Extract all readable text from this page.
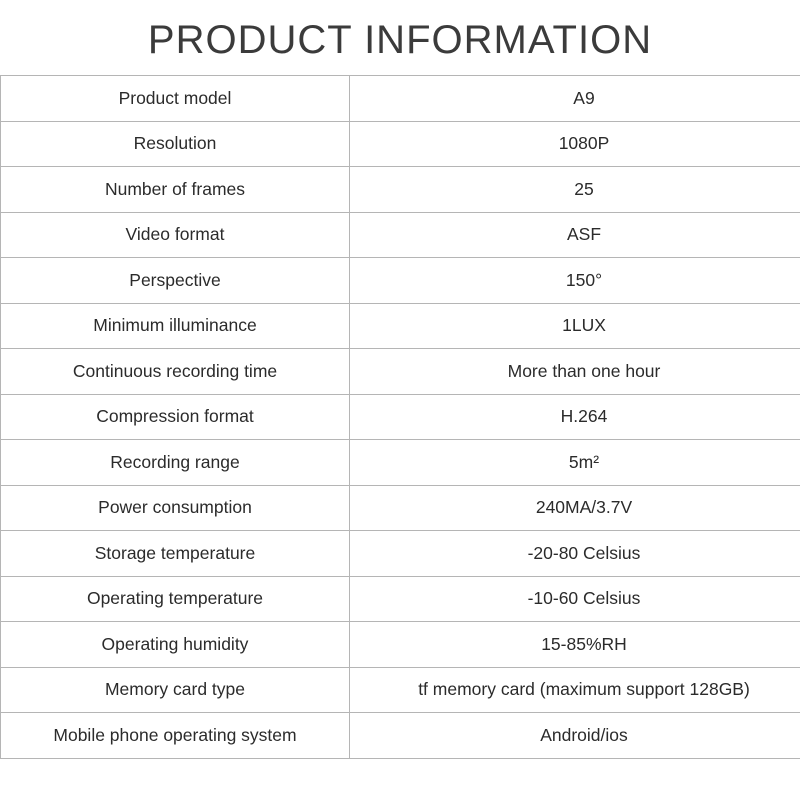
PRODUCT INFORMATION
Product model	A9
Resolution	1080P
Number of frames	25
Video format	ASF
Perspective	150°
Minimum illuminance	1LUX
Continuous recording time	More than one hour
Compression format	H.264
Recording range	5m²
Power consumption	240MA/3.7V
Storage temperature	-20-80 Celsius
Operating temperature	-10-60 Celsius
Operating humidity	15-85%RH
Memory card type	tf memory card (maximum support 128GB)
Mobile phone operating system	Android/ios
